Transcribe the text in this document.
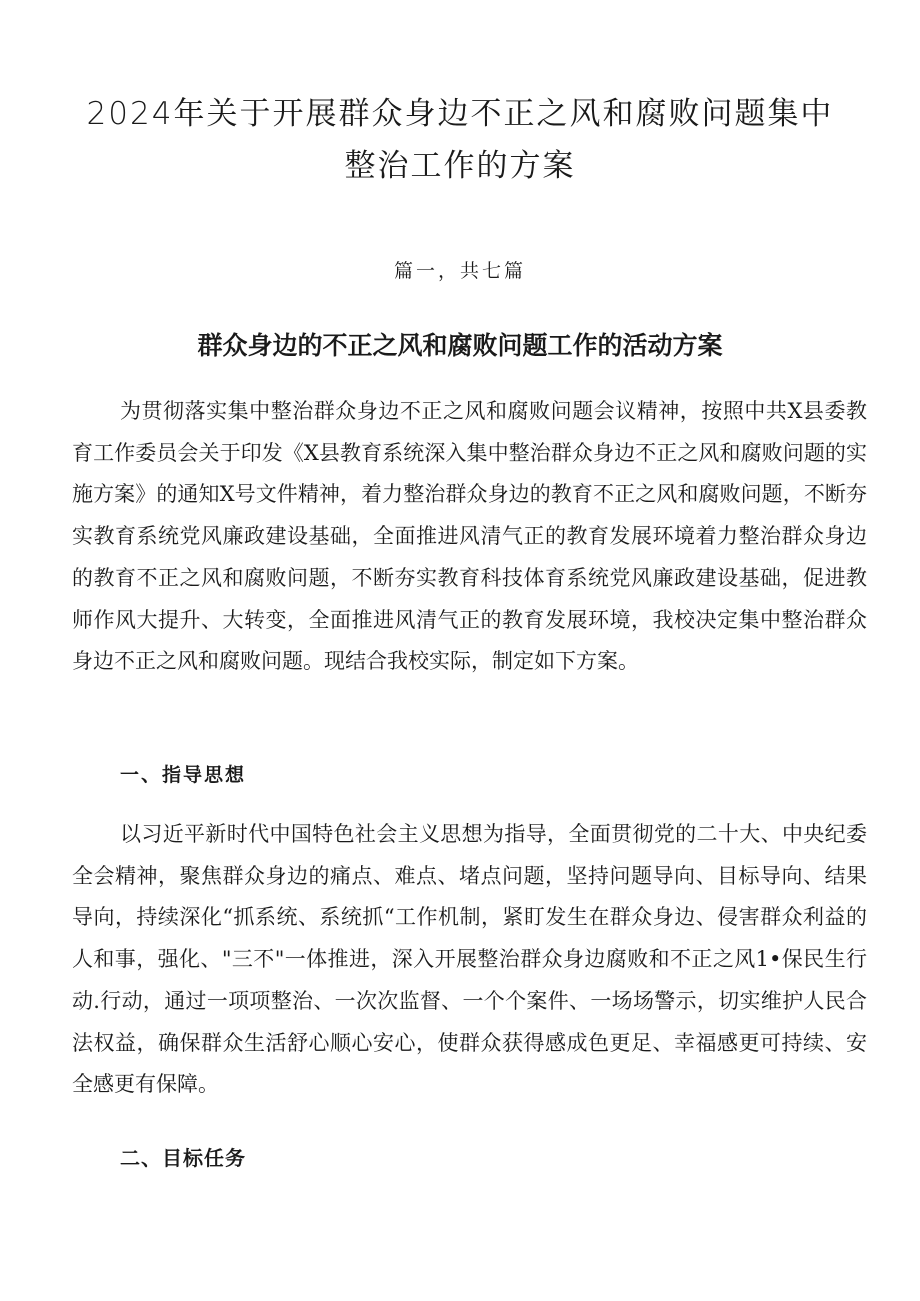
2024年关于开展群众身边不正之风和腐败问题集中
整治工作的方案

篇一，共七篇

群众身边的不正之风和腐败问题工作的活动方案

为贯彻落实集中整治群众身边不正之风和腐败问题会议精神，按照中共X县委教育工作委员会关于印发《X县教育系统深入集中整治群众身边不正之风和腐败问题的实施方案》的通知X号文件精神，着力整治群众身边的教育不正之风和腐败问题，不断夯实教育系统党风廉政建设基础，全面推进风清气正的教育发展环境着力整治群众身边的教育不正之风和腐败问题，不断夯实教育科技体育系统党风廉政建设基础，促进教师作风大提升、大转变，全面推进风清气正的教育发展环境，我校决定集中整治群众身边不正之风和腐败问题。现结合我校实际，制定如下方案。

一、指导思想

以习近平新时代中国特色社会主义思想为指导，全面贯彻党的二十大、中央纪委全会精神，聚焦群众身边的痛点、难点、堵点问题，坚持问题导向、目标导向、结果导向，持续深化“抓系统、系统抓“工作机制，紧盯发生在群众身边、侵害群众利益的人和事，强化、"三不"一体推进，深入开展整治群众身边腐败和不正之风1•保民生行动.行动，通过一项项整治、一次次监督、一个个案件、一场场警示，切实维护人民合法权益，确保群众生活舒心顺心安心，使群众获得感成色更足、幸福感更可持续、安全感更有保障。

二、目标任务
